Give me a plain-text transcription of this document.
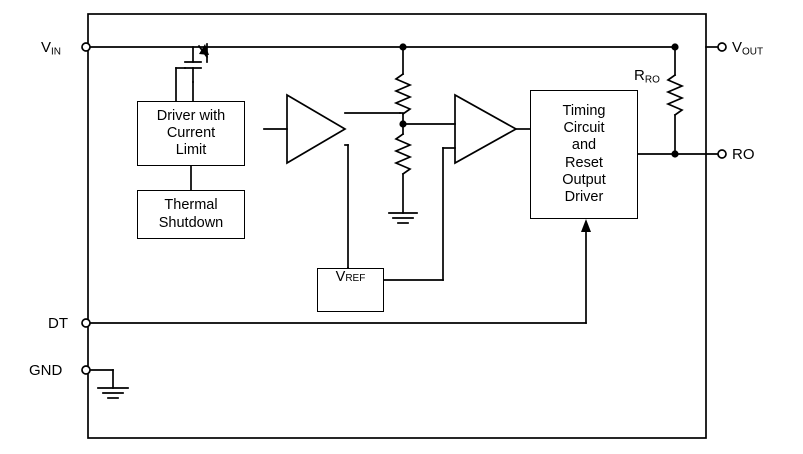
Driver with
Current
Limit
Thermal
Shutdown
Timing
Circuit
and
Reset
Output
Driver
V REF
$V_{IN}$	$V_{OUT}$
RO
DT
GND
$R_{RO}$
